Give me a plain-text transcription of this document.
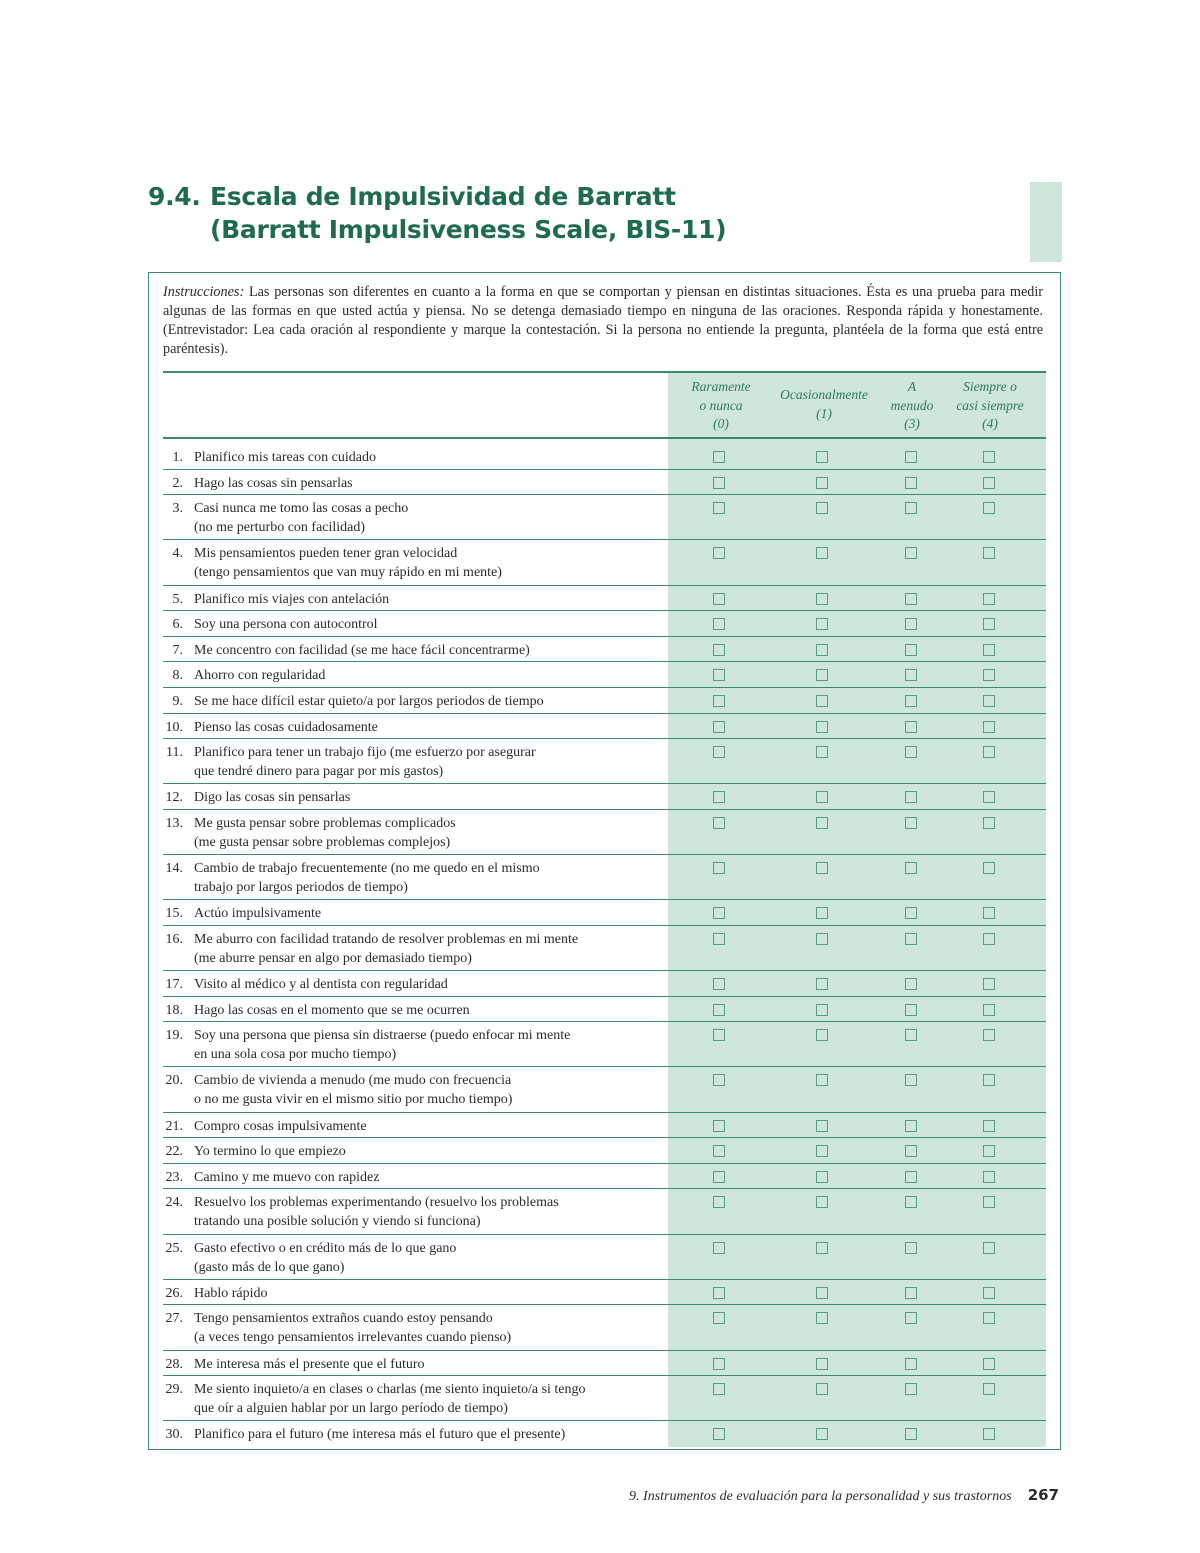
9.4. Escala de Impulsividad de Barratt
(Barratt Impulsiveness Scale, BIS-11)
Instrucciones: Las personas son diferentes en cuanto a la forma en que se comportan y piensan en distintas situaciones. Ésta es una prueba para medir algunas de las formas en que usted actúa y piensa. No se detenga demasiado tiempo en ninguna de las oraciones. Responda rápida y honestamente. (Entrevistador: Lea cada oración al respondiente y marque la contestación. Si la persona no entiende la pregunta, plantéela de la forma que está entre paréntesis).
Raramente
o nunca
(0)
Ocasionalmente
(1)
A
menudo
(3)
Siempre o
casi siempre
(4)
1. Planifico mis tareas con cuidado
2. Hago las cosas sin pensarlas
3. Casi nunca me tomo las cosas a pecho
(no me perturbo con facilidad)
4. Mis pensamientos pueden tener gran velocidad
(tengo pensamientos que van muy rápido en mi mente)
5. Planifico mis viajes con antelación
6. Soy una persona con autocontrol
7. Me concentro con facilidad (se me hace fácil concentrarme)
8. Ahorro con regularidad
9. Se me hace difícil estar quieto/a por largos periodos de tiempo
10. Pienso las cosas cuidadosamente
11. Planifico para tener un trabajo fijo (me esfuerzo por asegurar
que tendré dinero para pagar por mis gastos)
12. Digo las cosas sin pensarlas
13. Me gusta pensar sobre problemas complicados
(me gusta pensar sobre problemas complejos)
14. Cambio de trabajo frecuentemente (no me quedo en el mismo
trabajo por largos periodos de tiempo)
15. Actúo impulsivamente
16. Me aburro con facilidad tratando de resolver problemas en mi mente
(me aburre pensar en algo por demasiado tiempo)
17. Visito al médico y al dentista con regularidad
18. Hago las cosas en el momento que se me ocurren
19. Soy una persona que piensa sin distraerse (puedo enfocar mi mente
en una sola cosa por mucho tiempo)
20. Cambio de vivienda a menudo (me mudo con frecuencia
o no me gusta vivir en el mismo sitio por mucho tiempo)
21. Compro cosas impulsivamente
22. Yo termino lo que empiezo
23. Camino y me muevo con rapidez
24. Resuelvo los problemas experimentando (resuelvo los problemas
tratando una posible solución y viendo si funciona)
25. Gasto efectivo o en crédito más de lo que gano
(gasto más de lo que gano)
26. Hablo rápido
27. Tengo pensamientos extraños cuando estoy pensando
(a veces tengo pensamientos irrelevantes cuando pienso)
28. Me interesa más el presente que el futuro
29. Me siento inquieto/a en clases o charlas (me siento inquieto/a si tengo
que oír a alguien hablar por un largo período de tiempo)
30. Planifico para el futuro (me interesa más el futuro que el presente)
9. Instrumentos de evaluación para la personalidad y sus trastornos 267
